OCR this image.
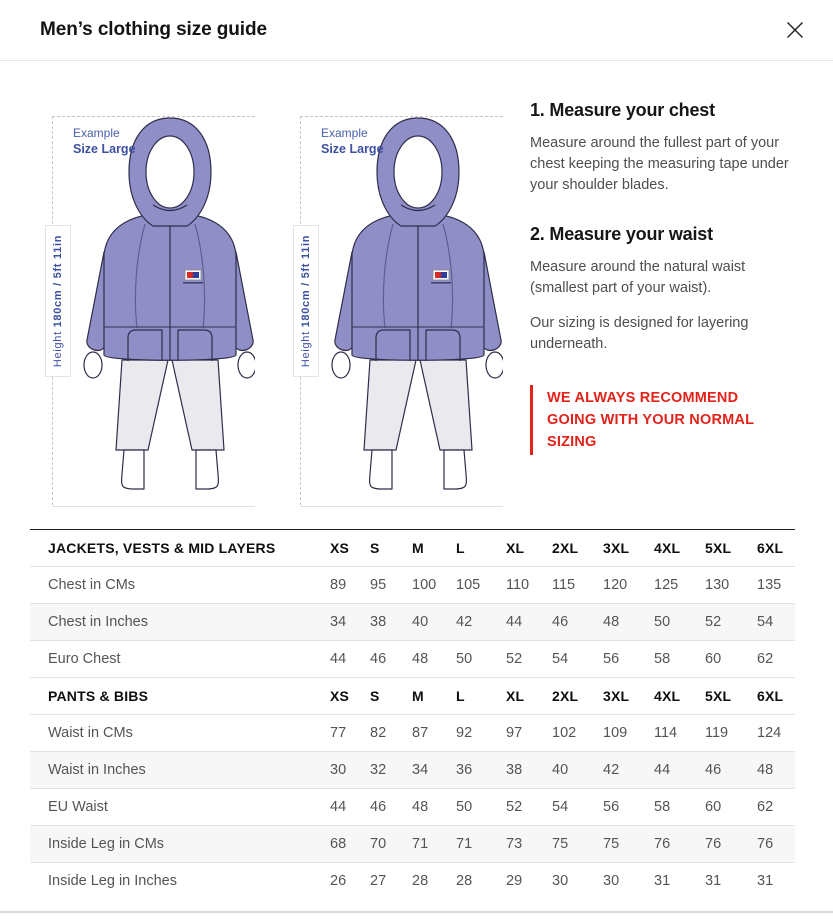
Men’s clothing size guide
Example
Size Large
Height

180cm / 5ft 11in
Example
Size Large
Height

180cm / 5ft 11in
1. Measure your chest

Measure around the fullest part of your chest keeping the measuring tape under your shoulder blades.

2. Measure your waist

Measure around the natural waist (smallest part of your waist).

Our sizing is designed for layering underneath.

WE ALWAYS RECOMMEND GOING WITH YOUR NORMAL SIZING
JACKETS, VESTS & MID LAYERS	XS	S	M	L	XL	2XL	3XL	4XL	5XL	6XL
Chest in CMs	89	95	100	105	110	115	120	125	130	135
Chest in Inches	34	38	40	42	44	46	48	50	52	54
Euro Chest	44	46	48	50	52	54	56	58	60	62
PANTS & BIBS	XS	S	M	L	XL	2XL	3XL	4XL	5XL	6XL
Waist in CMs	77	82	87	92	97	102	109	114	119	124
Waist in Inches	30	32	34	36	38	40	42	44	46	48
EU Waist	44	46	48	50	52	54	56	58	60	62
Inside Leg in CMs	68	70	71	71	73	75	75	76	76	76
Inside Leg in Inches	26	27	28	28	29	30	30	31	31	31
